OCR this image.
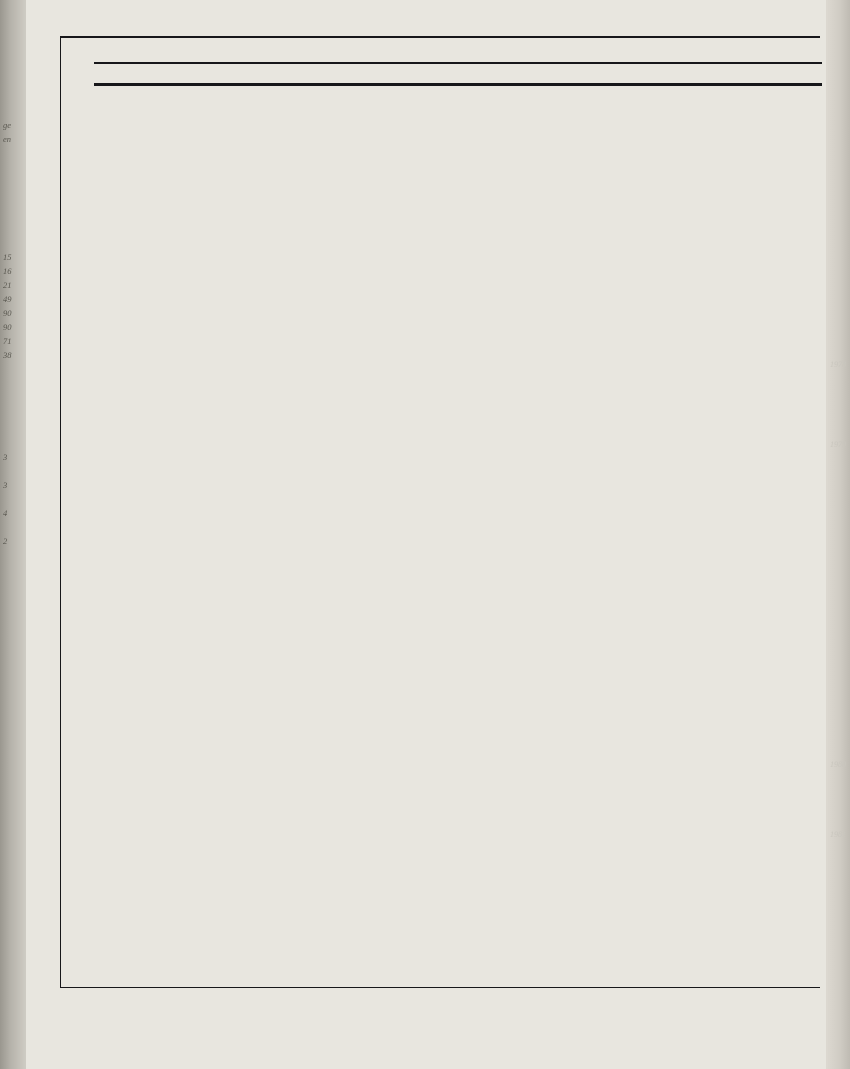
15
16
21
49
90
90
71
38
3
3
4
2
ge
en
1978
1979
1980
1981
